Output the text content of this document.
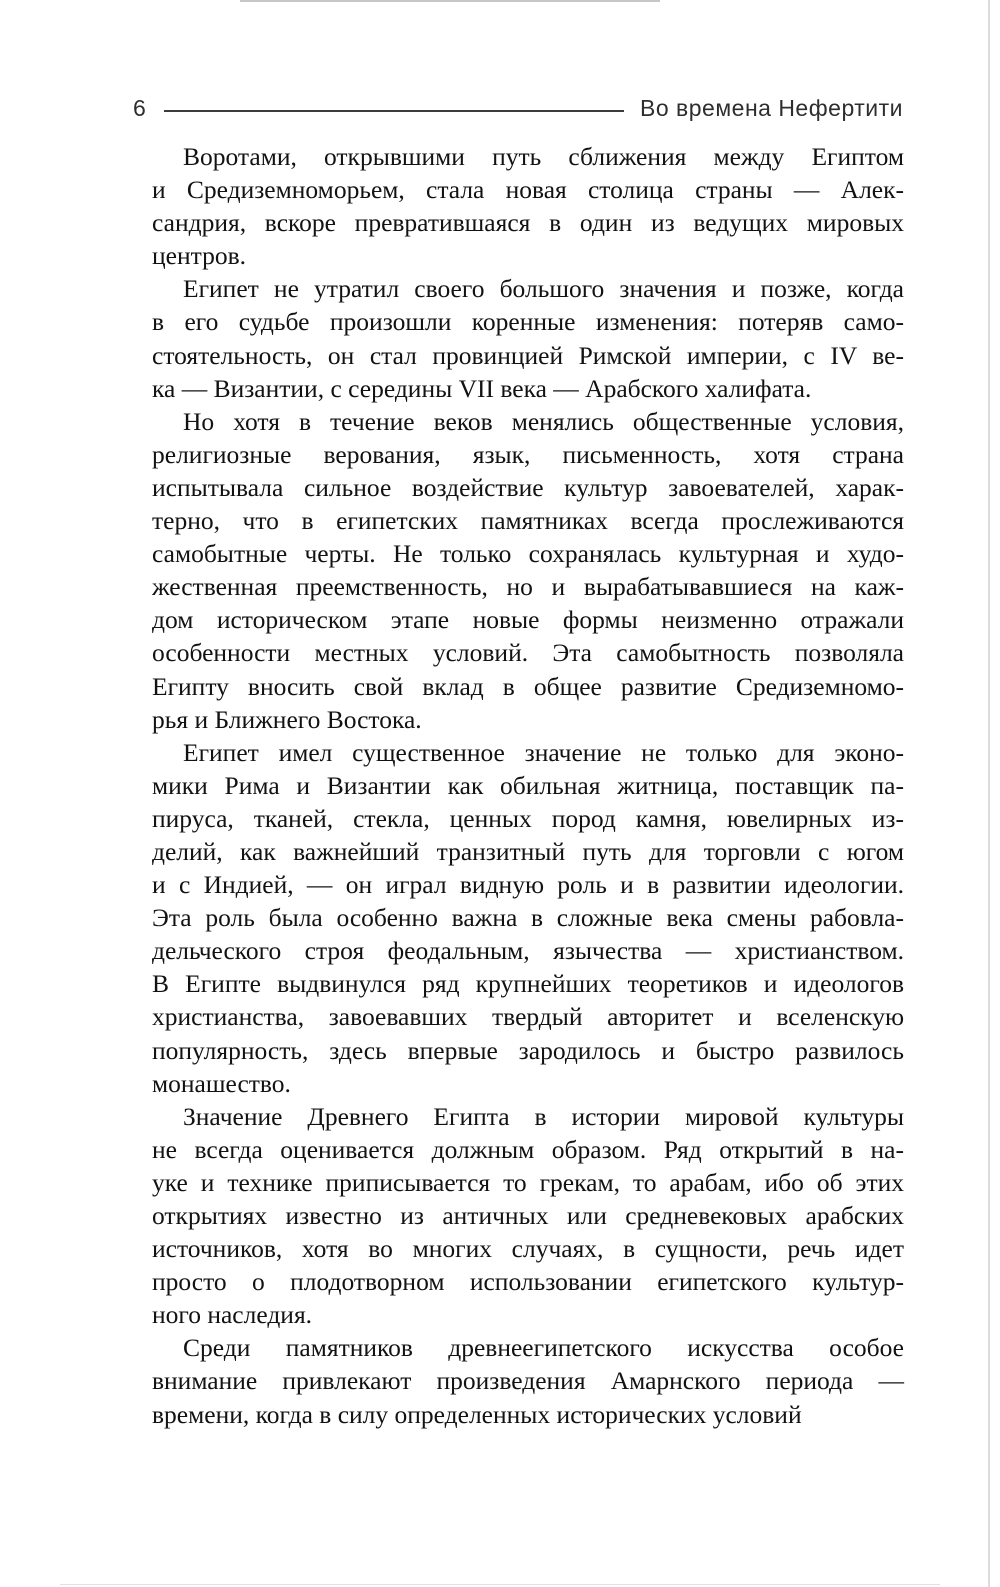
6	Во времена Нефертити
Воротами, открывшими путь сближения между Египтом
и Средиземноморьем, стала новая столица страны — Алек-
сандрия, вскоре превратившаяся в один из ведущих мировых
центров.
Египет не утратил своего большого значения и позже, когда
в его судьбе произошли коренные изменения: потеряв само-
стоятельность, он стал провинцией Римской империи, с IV ве-
ка — Византии, с середины VII века — Арабского халифата.
Но хотя в течение веков менялись общественные условия,
религиозные верования, язык, письменность, хотя страна
испытывала сильное воздействие культур завоевателей, харак-
терно, что в египетских памятниках всегда прослеживаются
самобытные черты. Не только сохранялась культурная и худо-
жественная преемственность, но и вырабатывавшиеся на каж-
дом историческом этапе новые формы неизменно отражали
особенности местных условий. Эта самобытность позволяла
Египту вносить свой вклад в общее развитие Средиземномо-
рья и Ближнего Востока.
Египет имел существенное значение не только для эконо-
мики Рима и Византии как обильная житница, поставщик па-
пируса, тканей, стекла, ценных пород камня, ювелирных из-
делий, как важнейший транзитный путь для торговли с югом
и с Индией, — он играл видную роль и в развитии идеологии.
Эта роль была особенно важна в сложные века смены рабовла-
дельческого строя феодальным, язычества — христианством.
В Египте выдвинулся ряд крупнейших теоретиков и идеологов
христианства, завоевавших твердый авторитет и вселенскую
популярность, здесь впервые зародилось и быстро развилось
монашество.
Значение Древнего Египта в истории мировой культуры
не всегда оценивается должным образом. Ряд открытий в на-
уке и технике приписывается то грекам, то арабам, ибо об этих
открытиях известно из античных или средневековых арабских
источников, хотя во многих случаях, в сущности, речь идет
просто о плодотворном использовании египетского культур-
ного наследия.
Среди памятников древнеегипетского искусства особое
внимание привлекают произведения Амарнского периода —
времени, когда в силу определенных исторических условий
